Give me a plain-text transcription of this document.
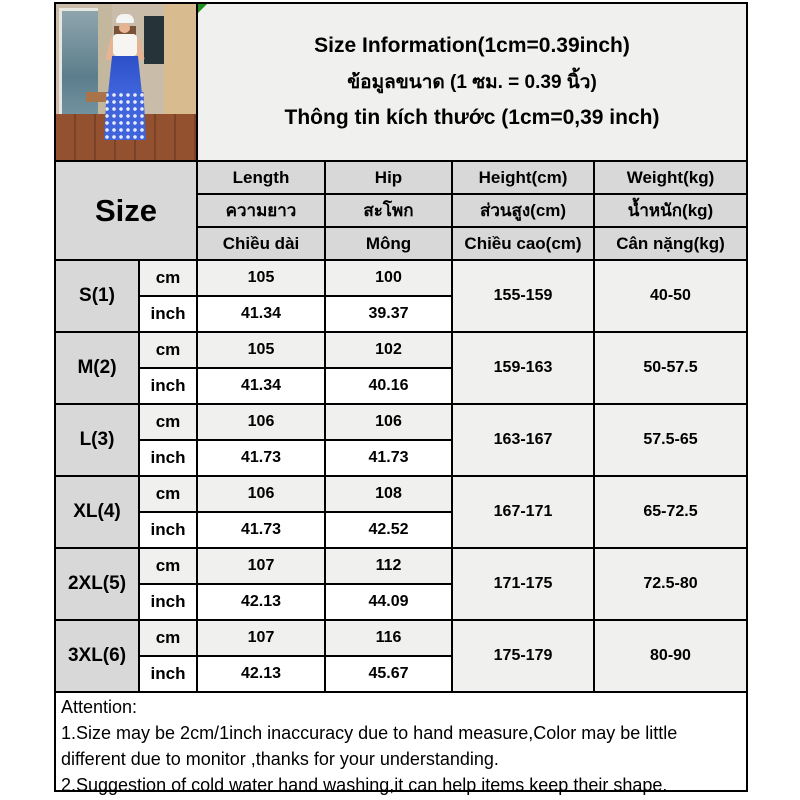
		Size Information(1cm=0.39inch)
ข้อมูลขนาด (1 ซม. = 0.39 นิ้ว)
Thông tin kích thước (1cm=0,39 inch)			

Size		Length	Hip	Height(cm)	Weight(kg)
		ความยาว	สะโพก	ส่วนสูง(cm)	น้ำหนัก(kg)
		Chiều dài	Mông	Chiều cao(cm)	Cân nặng(kg)
S(1)	cm	105	100	155-159	40-50
	inch	41.34	39.37		
M(2)	cm	105	102	159-163	50-57.5
	inch	41.34	40.16		
L(3)	cm	106	106	163-167	57.5-65
	inch	41.73	41.73		
XL(4)	cm	106	108	167-171	65-72.5
	inch	41.73	42.52		
2XL(5)	cm	107	112	171-175	72.5-80
	inch	42.13	44.09		
3XL(6)	cm	107	116	175-179	80-90
	inch	42.13	45.67		

Attention:

1.Size may be 2cm/1inch inaccuracy due to hand measure,Color may be little different due to monitor ,thanks for your understanding.

2.Suggestion of cold water hand washing,it can help items keep their shape.
